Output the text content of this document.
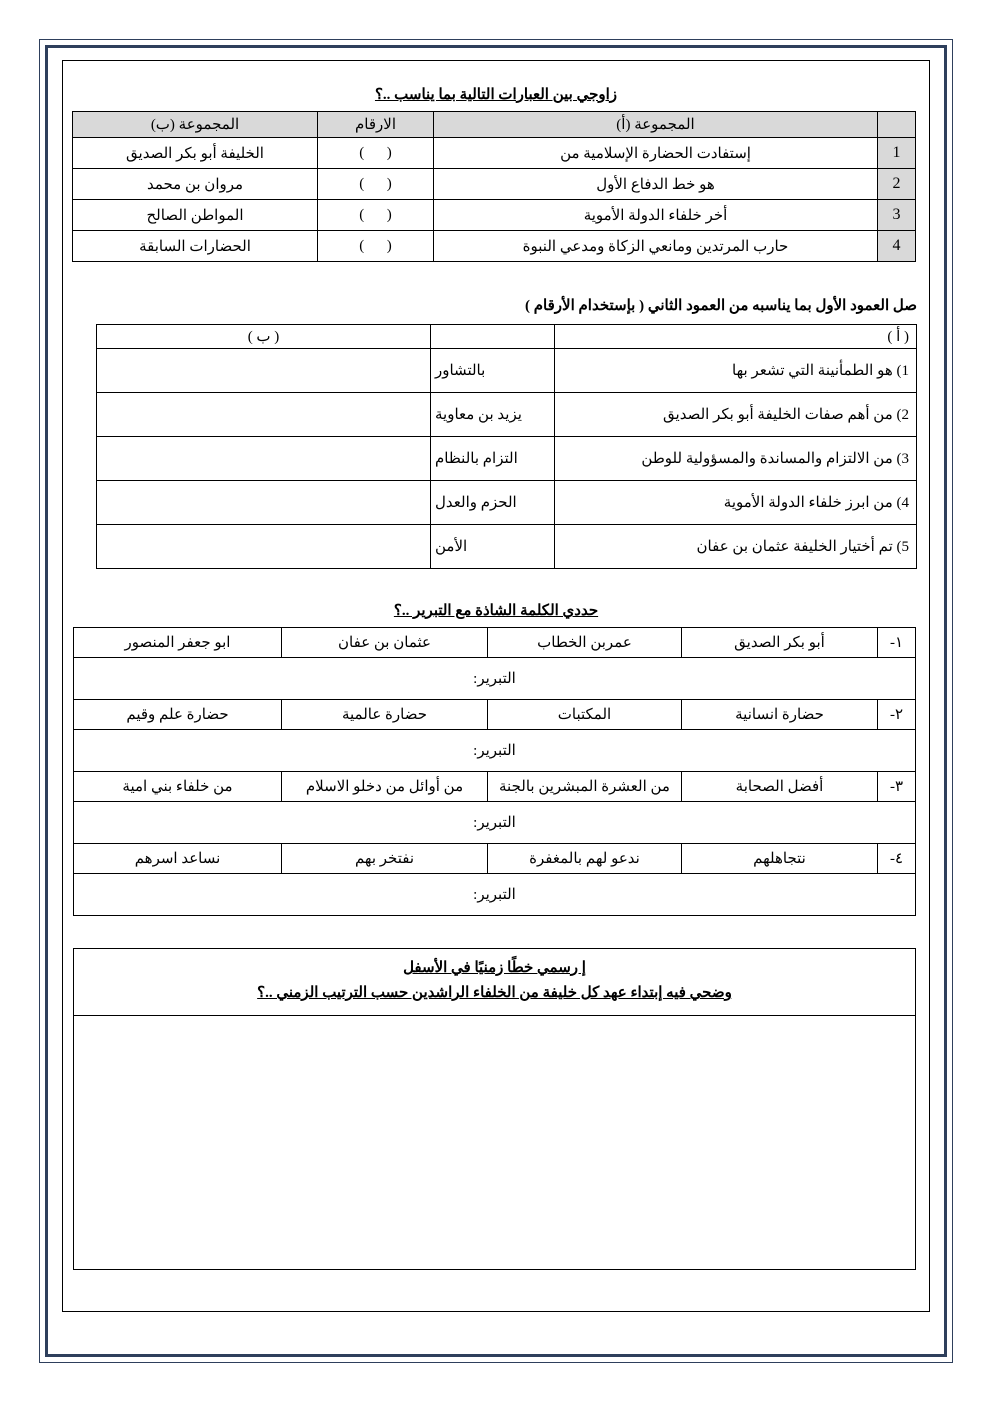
زاوجي بين العبارات التالية بما يناسب ..؟
	المجموعة (أ)	الارقام	المجموعة (ب)
1	إستفادت الحضارة الإسلامية من	(      )	الخليفة أبو بكر الصديق
2	هو خط الدفاع الأول	(      )	مروان بن محمد
3	أخر خلفاء الدولة الأموية	(      )	المواطن الصالح
4	حارب المرتدين ومانعي الزكاة ومدعي النبوة	(      )	الحضارات السابقة
صل العمود الأول بما يناسبه من العمود الثاني ( بإستخدام الأرقام )
( أ )		( ب )
1) هو الطمأنينة التي تشعر بها	بالتشاور	
2) من أهم صفات الخليفة أبو بكر الصديق	يزيد بن معاوية	
3) من الالتزام والمساندة والمسؤولية للوطن	التزام بالنظام	
4) من ابرز خلفاء الدولة الأموية	الحزم والعدل	
5) تم أختيار الخليفة عثمان بن عفان	الأمن	
حددي الكلمة الشاذة مع التبرير ..؟
١-	أبو بكر الصديق	عمربن الخطاب	عثمان بن عفان	ابو جعفر المنصور
التبرير:				
٢-	حضارة انسانية	المكتبات	حضارة عالمية	حضارة علم وقيم
التبرير:				
٣-	أفضل الصحابة	من العشرة المبشرين بالجنة	من أوائل من دخلو الاسلام	من خلفاء بني امية
التبرير:				
٤-	نتجاهلهم	ندعو لهم بالمغفرة	نفتخر بهم	نساعد اسرهم
التبرير:				
إ رسمي خطًا زمنيًا في الأسفل
وضحي فيه إبتداء عهد كل خليفة من الخلفاء الراشدين حسب الترتيب الزمني ..؟
